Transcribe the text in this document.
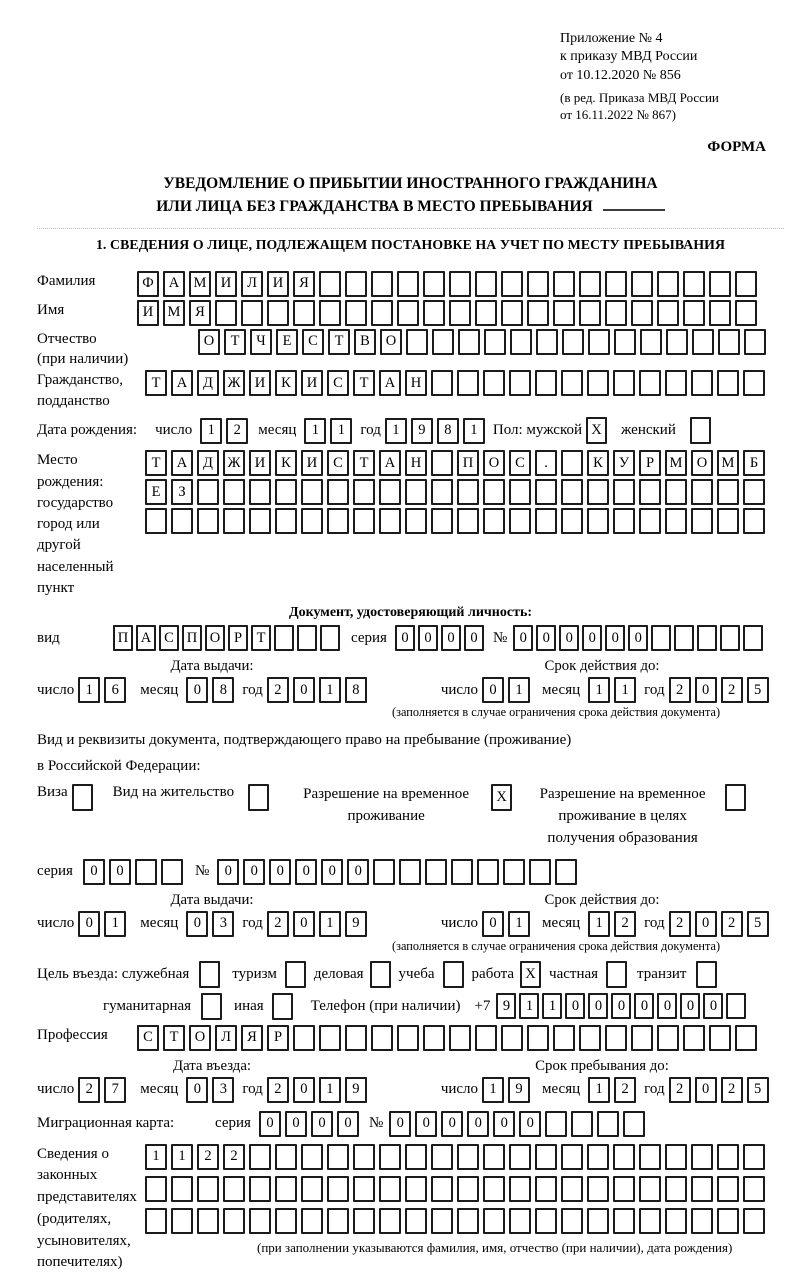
Приложение № 4
к приказу МВД России
от 10.12.2020 № 856
(в ред. Приказа МВД России
от 16.11.2022 № 867)
ФОРМА
УВЕДОМЛЕНИЕ О ПРИБЫТИИ ИНОСТРАННОГО ГРАЖДАНИНА
ИЛИ ЛИЦА БЕЗ ГРАЖДАНСТВА В МЕСТО ПРЕБЫВАНИЯ
1. СВЕДЕНИЯ О ЛИЦЕ, ПОДЛЕЖАЩЕМ ПОСТАНОВКЕ НА УЧЕТ ПО МЕСТУ ПРЕБЫВАНИЯ
Фамилия	Ф	А М И	Л	И	Я
Имя	И М	Я
Отчество
(при наличии)
О	Т	Ч	Е	С	Т	В	О
Гражданство,
подданство
Т	А	Д	Ж И	К	И	С	Т	А	Н
Дата рождения: число	1	2	месяц	1	1	год 1	9	8	1	Пол: мужской X	женский
Место рождения:
государство
город или другой
населенный пункт
Т	А	Д	Ж И	К	И	С	Т	А	Н	П	О	С	.	К	У	Р	М О М	Б
Е	З
Документ, удостоверяющий личность:
вид	П А С П О Р	Т	серия 0	0	0	0	№ 0	0	0	0	0	0
Дата выдачи:	Срок действия до:
число 1	6	месяц	0	8	год 2	0	1	8	число 0	1	месяц	1	1	год 2	0	2	5
(заполняется в случае ограничения срока действия документа)
Вид и реквизиты документа, подтверждающего право на пребывание (проживание)
в Российской Федерации:
Виза	Вид на жительство	Разрешение на временное проживание
X	Разрешение на временное проживание в целях получения образования
серия	0	0	№	0	0	0	0	0	0
Дата выдачи:	Срок действия до:
число 0	1	месяц	0	3	год 2	0	1	9	число 0	1	месяц	1	2	год 2	0	2	5
(заполняется в случае ограничения срока действия документа)
Цель въезда: служебная	туризм деловая учеба работа X частная	транзит
гуманитарная	иная	Телефон (при наличии) +7 9	1	1	0	0	0	0	0	0	0
Профессия	С	Т	О	Л	Я	Р
Дата въезда:	Срок пребывания до:
число 2	7	месяц	0	3	год 2	0	1	9	число 1	9	месяц	1	2	год 2	0	2	5
Миграционная карта:	серия	0	0	0	0	№ 0	0	0	0	0	0
Сведения о
законных
представителях
(родителях,
усыновителях,
попечителях)
1	1	2	2
(при заполнении указываются фамилия, имя, отчество (при наличии), дата рождения)
